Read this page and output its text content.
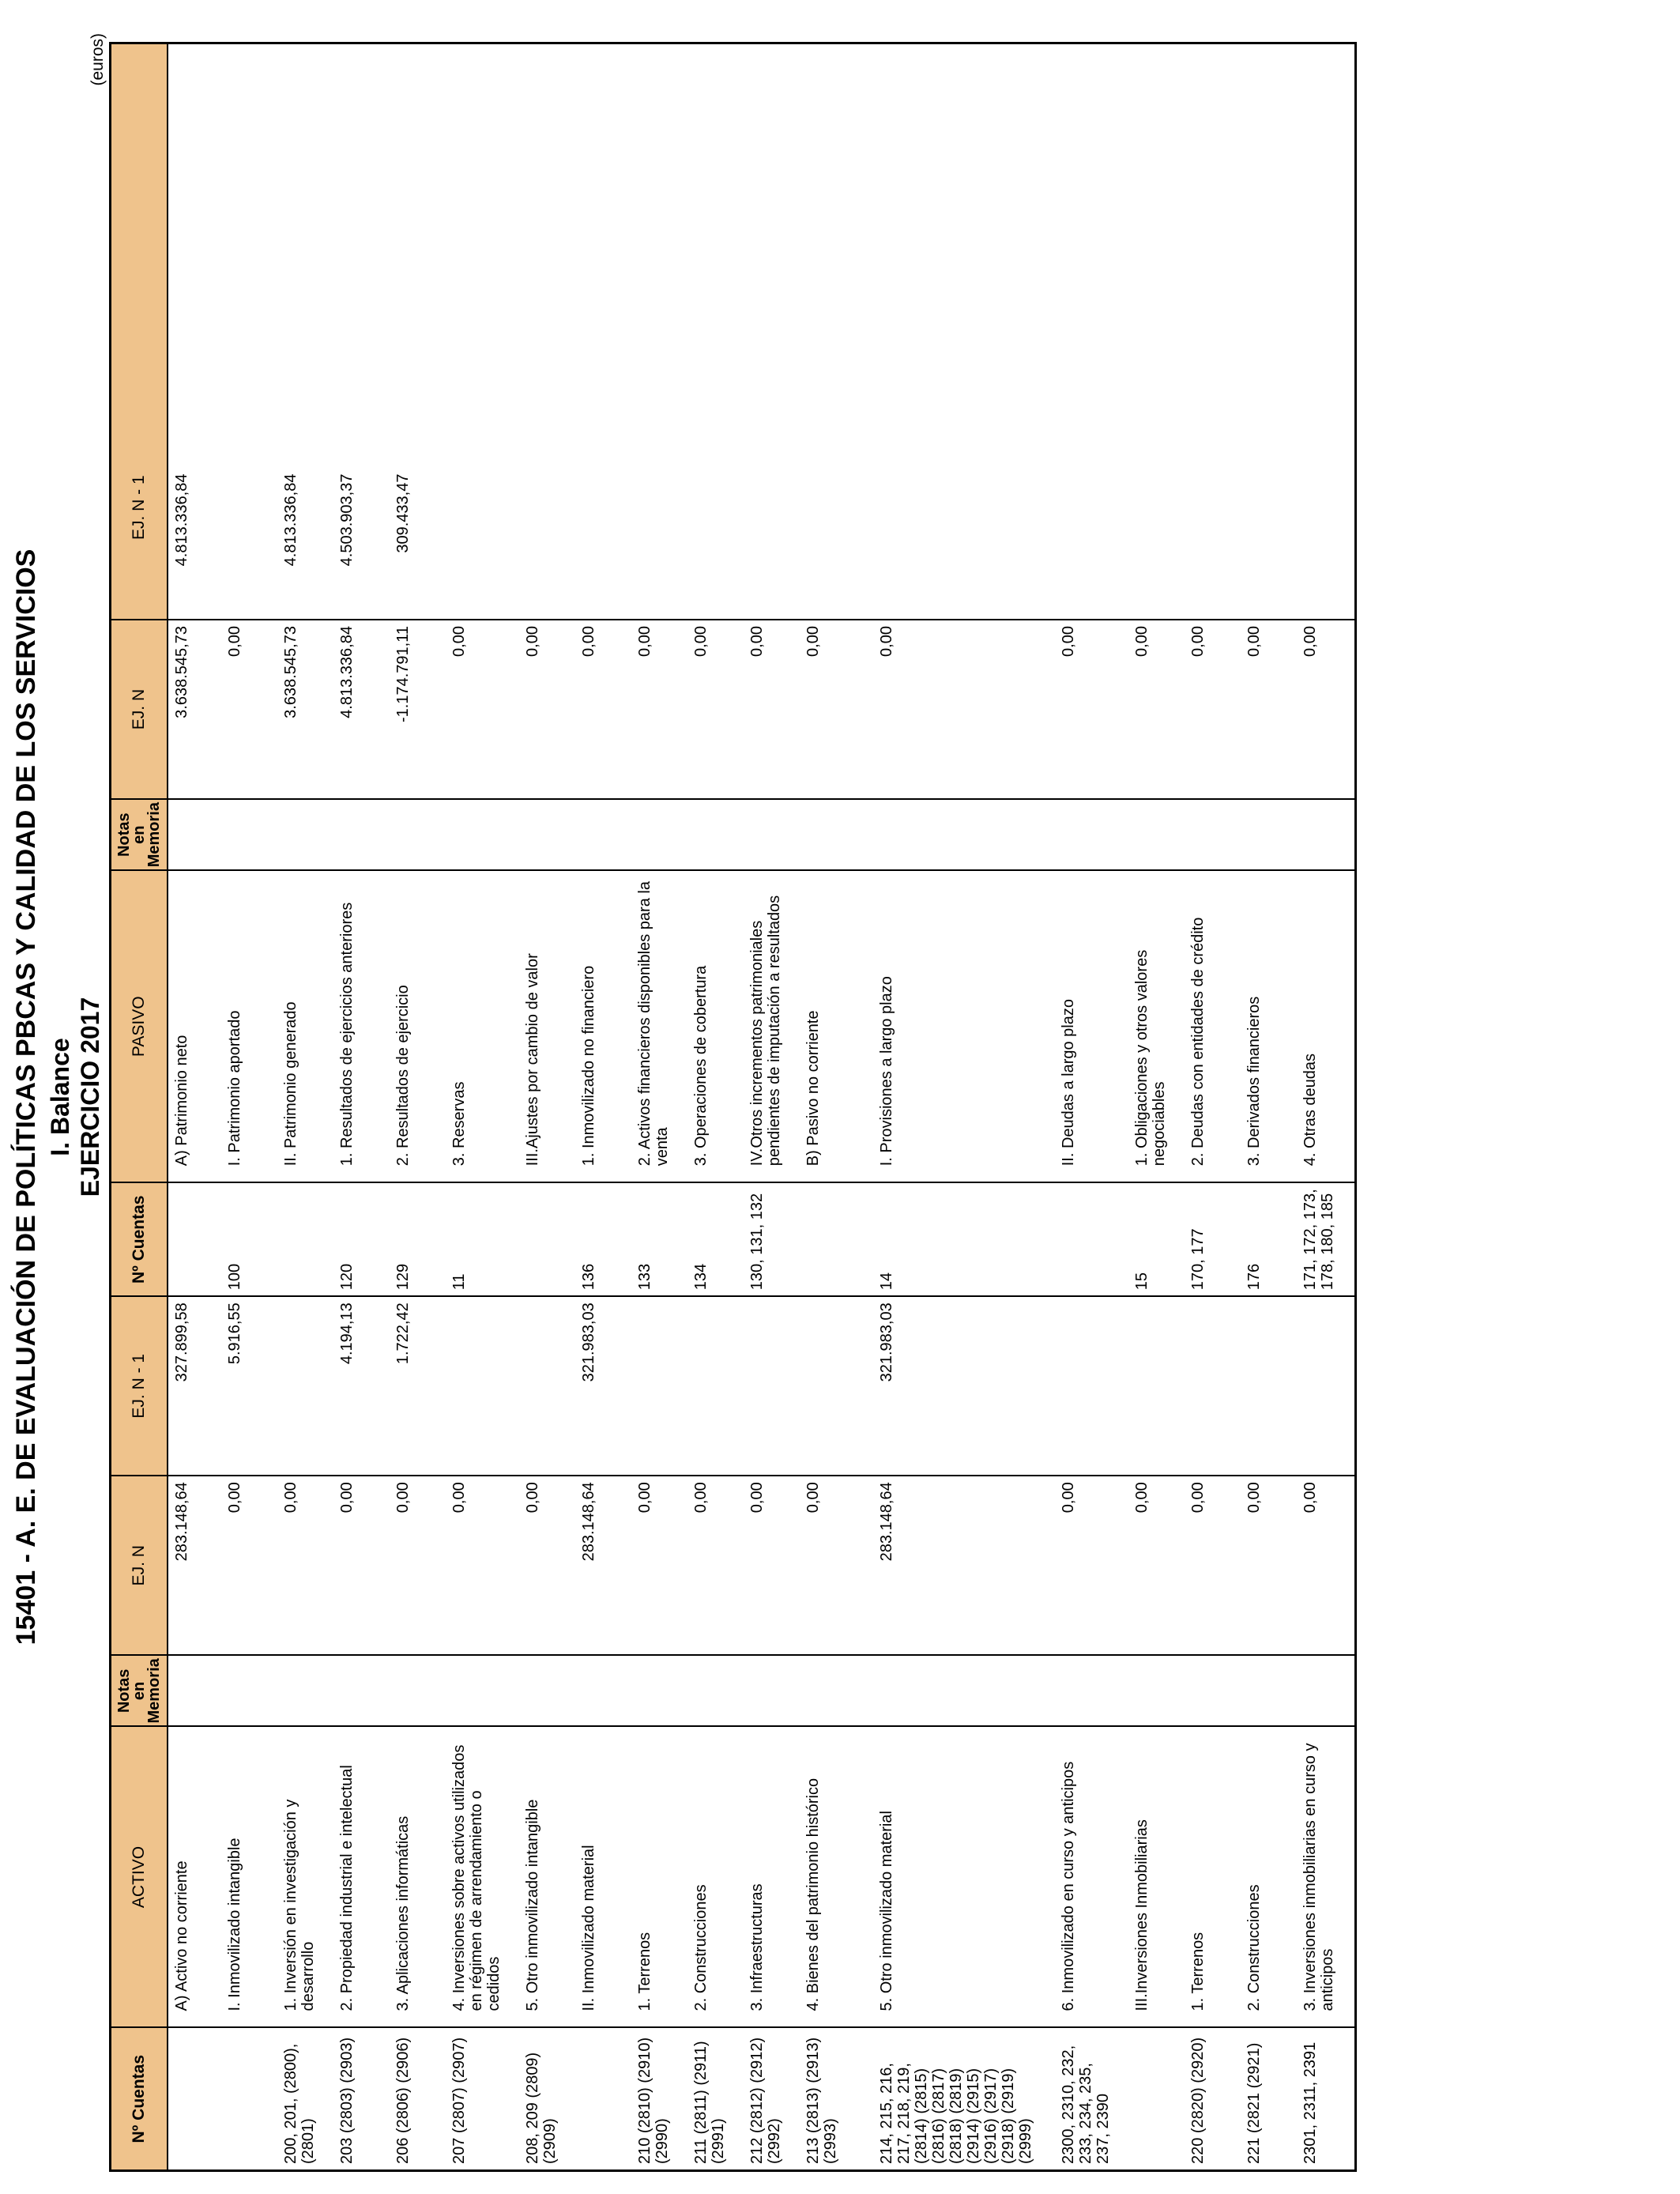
15401 - A. E. DE EVALUACIÓN DE POLÍTICAS PBCAS Y CALIDAD DE LOS SERVICIOS I. Balance EJERCICIO 2017
(euros)
Nº Cuentas	ACTIVO	Notas en Memoria	EJ. N	EJ. N - 1	Nº Cuentas	PASIVO	Notas en Memoria	EJ. N	EJ. N - 1
	A) Activo no corriente		283.148,64	327.899,58		A) Patrimonio neto		3.638.545,73	4.813.336,84
	I. Inmovilizado intangible		0,00	5.916,55	100	I. Patrimonio aportado		0,00	
200, 201, (2800), (2801)	1. Inversión en investigación y desarrollo		0,00			II. Patrimonio generado		3.638.545,73	4.813.336,84
203 (2803) (2903)	2. Propiedad industrial e intelectual		0,00	4.194,13	120	1. Resultados de ejercicios anteriores		4.813.336,84	4.503.903,37
206 (2806) (2906)	3. Aplicaciones informáticas		0,00	1.722,42	129	2. Resultados de ejercicio		-1.174.791,11	309.433,47
207 (2807) (2907)	4. Inversiones sobre activos utilizados en régimen de arrendamiento o cedidos		0,00		11	3. Reservas		0,00	
208, 209 (2809) (2909)	5. Otro inmovilizado intangible		0,00			III.Ajustes por cambio de valor		0,00	
	II. Inmovilizado material		283.148,64	321.983,03	136	1. Inmovilizado no financiero		0,00	
210 (2810) (2910) (2990)	1. Terrenos		0,00		133	2. Activos financieros disponibles para la venta		0,00	
211 (2811) (2911) (2991)	2. Construcciones		0,00		134	3. Operaciones de cobertura		0,00	
212 (2812) (2912) (2992)	3. Infraestructuras		0,00		130, 131, 132	IV.Otros incrementos patrimoniales pendientes de imputación a resultados		0,00	
213 (2813) (2913) (2993)	4. Bienes del patrimonio histórico		0,00			B) Pasivo no corriente		0,00	
214, 215, 216, 217, 218, 219, (2814) (2815) (2816) (2817) (2818) (2819) (2914) (2915) (2916) (2917) (2918) (2919) (2999)	5. Otro inmovilizado material		283.148,64	321.983,03	14	I. Provisiones a largo plazo		0,00	
2300, 2310, 232, 233, 234, 235, 237, 2390	6. Inmovilizado en curso y anticipos		0,00			II. Deudas a largo plazo		0,00	
	III.Inversiones Inmobiliarias		0,00		15	1. Obligaciones y otros valores negociables		0,00	
220 (2820) (2920)	1. Terrenos		0,00		170, 177	2. Deudas con entidades de crédito		0,00	
221 (2821 (2921)	2. Construcciones		0,00		176	3. Derivados financieros		0,00	
2301, 2311, 2391	3. Inversiones inmobiliarias en curso y anticipos		0,00		171, 172, 173, 178, 180, 185	4. Otras deudas		0,00	
